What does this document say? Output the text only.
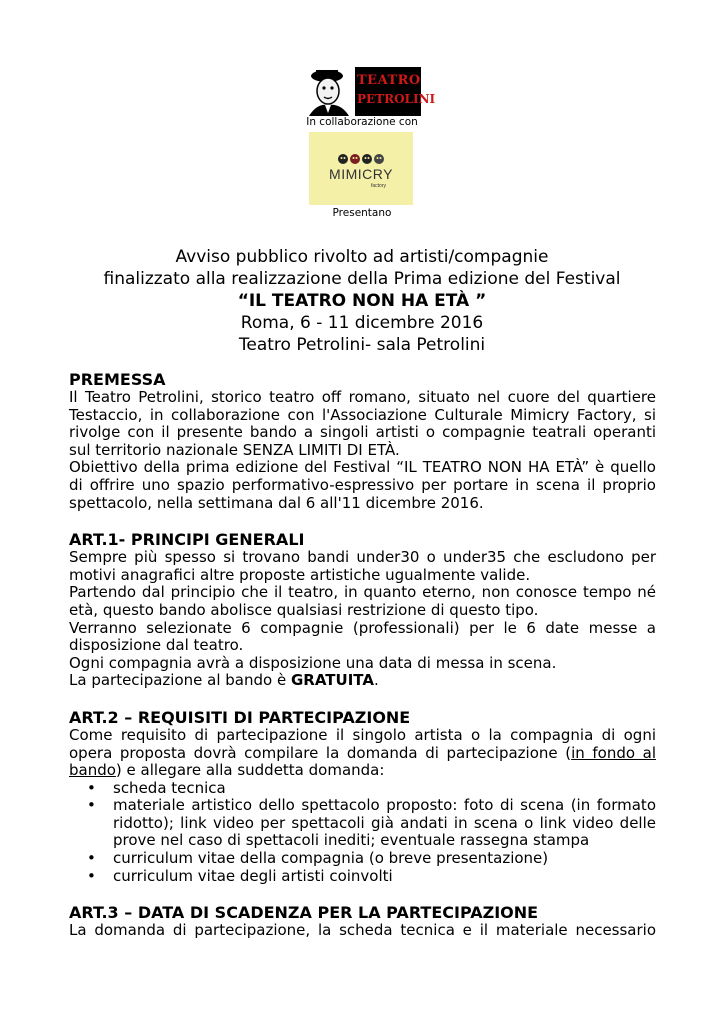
TEATRO
PETROLINI
In collaborazione con
MIMICRY
factory
Presentano
Avviso pubblico rivolto ad artisti/compagnie
finalizzato alla realizzazione della Prima edizione del Festival
“IL TEATRO NON HA ETÀ ”
Roma, 6 - 11 dicembre 2016
Teatro Petrolini- sala Petrolini
PREMESSA

Il Teatro Petrolini, storico teatro off romano, situato nel cuore del quartiere Testaccio, in collaborazione con l'Associazione Culturale Mimicry Factory, si rivolge con il presente bando a singoli artisti o compagnie teatrali operanti sul territorio nazionale SENZA LIMITI DI ETÀ.

Obiettivo della prima edizione del Festival “IL TEATRO NON HA ETÀ” è quello di offrire uno spazio performativo-espressivo per portare in scena il proprio spettacolo, nella settimana dal 6 all'11 dicembre 2016.

ART.1- PRINCIPI GENERALI

Sempre più spesso si trovano bandi under30 o under35 che escludono per motivi anagrafici altre proposte artistiche ugualmente valide.

Partendo dal principio che il teatro, in quanto eterno, non conosce tempo né età, questo bando abolisce qualsiasi restrizione di questo tipo.

Verranno selezionate 6 compagnie (professionali) per le 6 date messe a disposizione dal teatro.

Ogni compagnia avrà a disposizione una data di messa in scena.

La partecipazione al bando è GRATUITA.

ART.2 – REQUISITI DI PARTECIPAZIONE

Come requisito di partecipazione il singolo artista o la compagnia di ogni opera proposta dovrà compilare la domanda di partecipazione (in fondo al bando) e allegare alla suddetta domanda:

• scheda tecnica
• materiale artistico dello spettacolo proposto: foto di scena (in formato ridotto); link video per spettacoli già andati in scena o link video delle prove nel caso di spettacoli inediti; eventuale rassegna stampa
• curriculum vitae della compagnia (o breve presentazione)
• curriculum vitae degli artisti coinvolti
ART.3 – DATA DI SCADENZA PER LA PARTECIPAZIONE

La domanda di partecipazione, la scheda tecnica e il materiale necessario
